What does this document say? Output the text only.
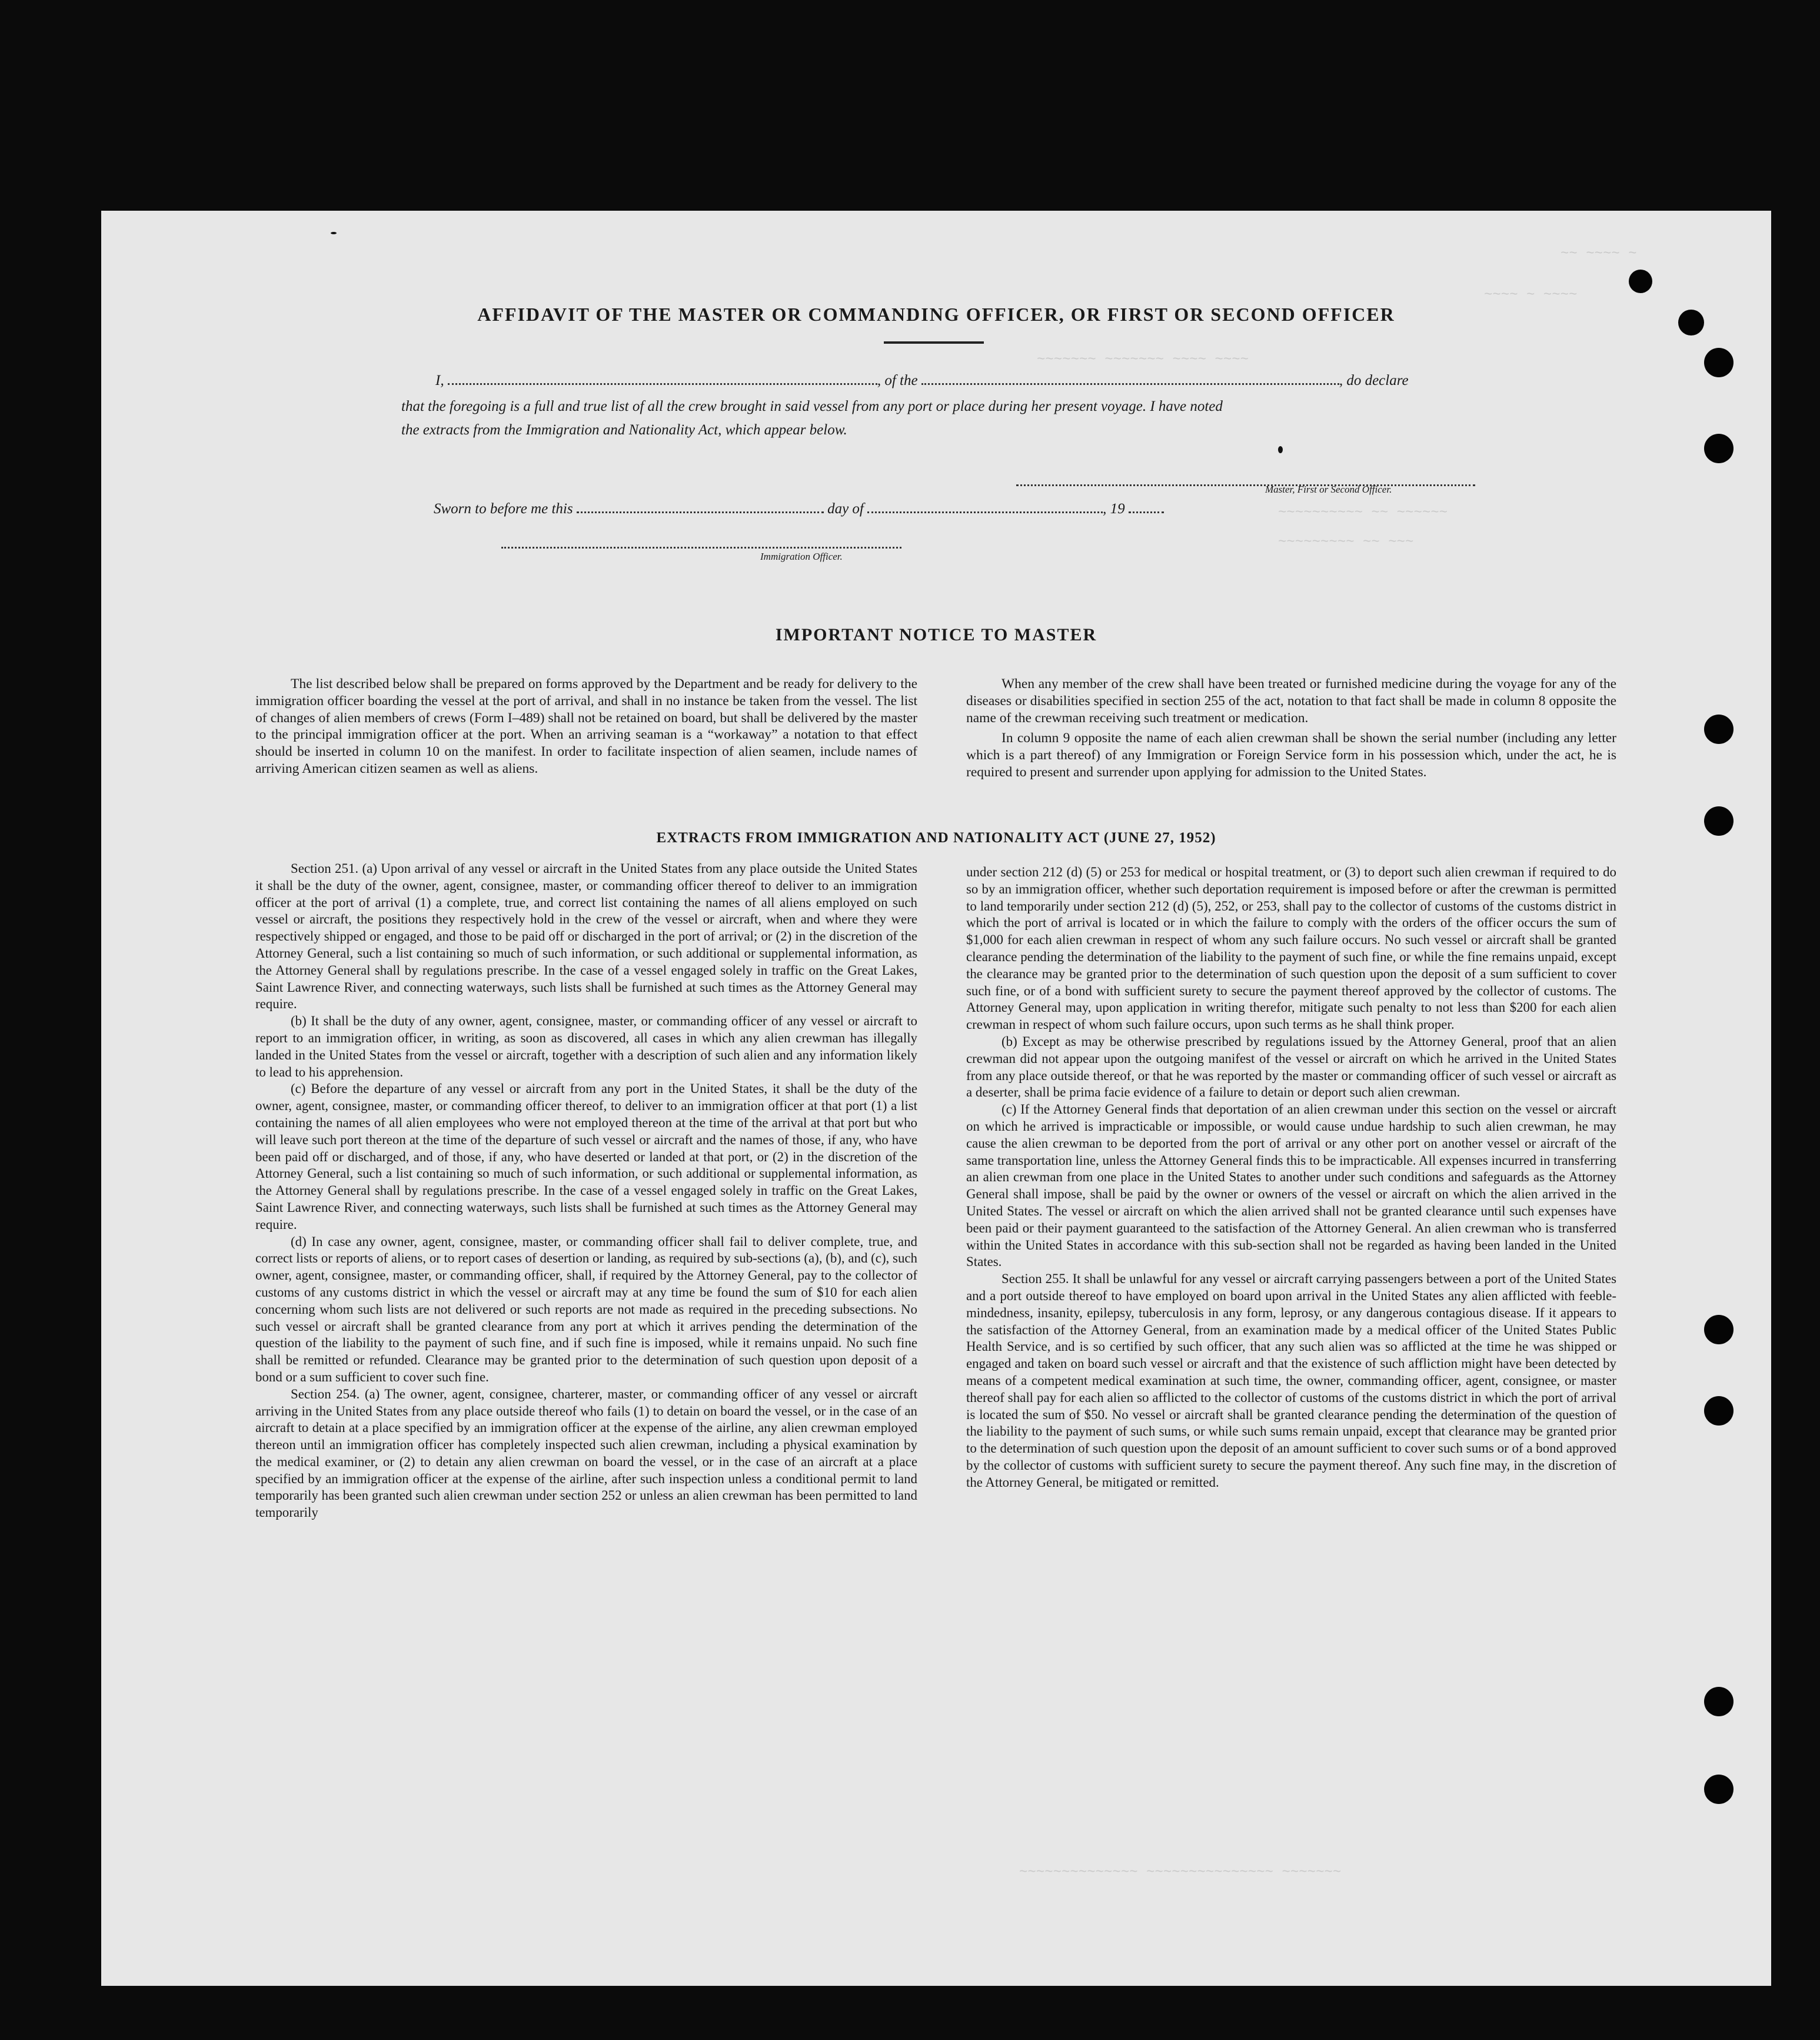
~~ ~~~~ ~
~~~~ ~ ~~~~
~~~~~~~ ~~~~~~~ ~~~~ ~~~~
~~~~~~~~~~ ~~ ~~~~~~
~~~~~~~~~ ~~ ~~~
~~~~~~~~~~~~~~ ~~~~~~~~~~~~~~~ ~~~~~~~
AFFIDAVIT OF THE MASTER OR COMMANDING OFFICER, OR FIRST OR SECOND OFFICER
I,	, of the	, do declare
that the foregoing is a full and true list of all the crew brought in said vessel from any port or place during her present voyage. I have noted
the extracts from the Immigration and Nationality Act, which appear below.
Master, First or Second Officer.
Sworn to before me this	day of	, 19
Immigration Officer.
IMPORTANT NOTICE TO MASTER

The list described below shall be prepared on forms approved by the Department and be ready for delivery to the immigration officer boarding the vessel at the port of arrival, and shall in no instance be taken from the vessel. The list of changes of alien members of crews (Form I–489) shall not be retained on board, but shall be delivered by the master to the principal immigration officer at the port. When an arriving seaman is a “workaway” a notation to that effect should be inserted in column 10 on the manifest. In order to facilitate inspection of alien seamen, include names of arriving American citizen seamen as well as aliens.

When any member of the crew shall have been treated or furnished medicine during the voyage for any of the diseases or disabilities specified in section 255 of the act, notation to that fact shall be made in column 8 opposite the name of the crewman receiving such treatment or medication.

In column 9 opposite the name of each alien crewman shall be shown the serial number (including any letter which is a part thereof) of any Immigration or Foreign Service form in his possession which, under the act, he is required to present and surrender upon applying for admission to the United States.

EXTRACTS FROM IMMIGRATION AND NATIONALITY ACT (JUNE 27, 1952)

Section 251. (a) Upon arrival of any vessel or aircraft in the United States from any place outside the United States it shall be the duty of the owner, agent, consignee, master, or commanding officer thereof to deliver to an immigration officer at the port of arrival (1) a complete, true, and correct list containing the names of all aliens employed on such vessel or aircraft, the positions they respectively hold in the crew of the vessel or aircraft, when and where they were respectively shipped or engaged, and those to be paid off or discharged in the port of arrival; or (2) in the discretion of the Attorney General, such a list containing so much of such information, or such additional or supplemental information, as the Attorney General shall by regulations prescribe. In the case of a vessel engaged solely in traffic on the Great Lakes, Saint Lawrence River, and connecting waterways, such lists shall be furnished at such times as the Attorney General may require.

(b) It shall be the duty of any owner, agent, consignee, master, or commanding officer of any vessel or aircraft to report to an immigration officer, in writing, as soon as discovered, all cases in which any alien crewman has illegally landed in the United States from the vessel or aircraft, together with a description of such alien and any information likely to lead to his apprehension.

(c) Before the departure of any vessel or aircraft from any port in the United States, it shall be the duty of the owner, agent, consignee, master, or commanding officer thereof, to deliver to an immigration officer at that port (1) a list containing the names of all alien employees who were not employed thereon at the time of the arrival at that port but who will leave such port thereon at the time of the departure of such vessel or aircraft and the names of those, if any, who have been paid off or discharged, and of those, if any, who have deserted or landed at that port, or (2) in the discretion of the Attorney General, such a list containing so much of such information, or such additional or supplemental information, as the Attorney General shall by regulations prescribe. In the case of a vessel engaged solely in traffic on the Great Lakes, Saint Lawrence River, and connecting waterways, such lists shall be furnished at such times as the Attorney General may require.

(d) In case any owner, agent, consignee, master, or commanding officer shall fail to deliver complete, true, and correct lists or reports of aliens, or to report cases of desertion or landing, as required by sub-sections (a), (b), and (c), such owner, agent, consignee, master, or commanding officer, shall, if required by the Attorney General, pay to the collector of customs of any customs district in which the vessel or aircraft may at any time be found the sum of $10 for each alien concerning whom such lists are not delivered or such reports are not made as required in the preceding subsections. No such vessel or aircraft shall be granted clearance from any port at which it arrives pending the determination of the question of the liability to the payment of such fine, and if such fine is imposed, while it remains unpaid. No such fine shall be remitted or refunded. Clearance may be granted prior to the determination of such question upon deposit of a bond or a sum sufficient to cover such fine.

Section 254. (a) The owner, agent, consignee, charterer, master, or commanding officer of any vessel or aircraft arriving in the United States from any place outside thereof who fails (1) to detain on board the vessel, or in the case of an aircraft to detain at a place specified by an immigration officer at the expense of the airline, any alien crewman employed thereon until an immigration officer has completely inspected such alien crewman, including a physical examination by the medical examiner, or (2) to detain any alien crewman on board the vessel, or in the case of an aircraft at a place specified by an immigration officer at the expense of the airline, after such inspection unless a conditional permit to land temporarily has been granted such alien crewman under section 252 or unless an alien crewman has been permitted to land temporarily

under section 212 (d) (5) or 253 for medical or hospital treatment, or (3) to deport such alien crewman if required to do so by an immigration officer, whether such deportation requirement is imposed before or after the crewman is permitted to land temporarily under section 212 (d) (5), 252, or 253, shall pay to the collector of customs of the customs district in which the port of arrival is located or in which the failure to comply with the orders of the officer occurs the sum of $1,000 for each alien crewman in respect of whom any such failure occurs. No such vessel or aircraft shall be granted clearance pending the determination of the liability to the payment of such fine, or while the fine remains unpaid, except the clearance may be granted prior to the determination of such question upon the deposit of a sum sufficient to cover such fine, or of a bond with sufficient surety to secure the payment thereof approved by the collector of customs. The Attorney General may, upon application in writing therefor, mitigate such penalty to not less than $200 for each alien crewman in respect of whom such failure occurs, upon such terms as he shall think proper.

(b) Except as may be otherwise prescribed by regulations issued by the Attorney General, proof that an alien crewman did not appear upon the outgoing manifest of the vessel or aircraft on which he arrived in the United States from any place outside thereof, or that he was reported by the master or commanding officer of such vessel or aircraft as a deserter, shall be prima facie evidence of a failure to detain or deport such alien crewman.

(c) If the Attorney General finds that deportation of an alien crewman under this section on the vessel or aircraft on which he arrived is impracticable or impossible, or would cause undue hardship to such alien crewman, he may cause the alien crewman to be deported from the port of arrival or any other port on another vessel or aircraft of the same transportation line, unless the Attorney General finds this to be impracticable. All expenses incurred in transferring an alien crewman from one place in the United States to another under such conditions and safeguards as the Attorney General shall impose, shall be paid by the owner or owners of the vessel or aircraft on which the alien arrived in the United States. The vessel or aircraft on which the alien arrived shall not be granted clearance until such expenses have been paid or their payment guaranteed to the satisfaction of the Attorney General. An alien crewman who is transferred within the United States in accordance with this sub-section shall not be regarded as having been landed in the United States.

Section 255. It shall be unlawful for any vessel or aircraft carrying passengers between a port of the United States and a port outside thereof to have employed on board upon arrival in the United States any alien afflicted with feeble-mindedness, insanity, epilepsy, tuberculosis in any form, leprosy, or any dangerous contagious disease. If it appears to the satisfaction of the Attorney General, from an examination made by a medical officer of the United States Public Health Service, and is so certified by such officer, that any such alien was so afflicted at the time he was shipped or engaged and taken on board such vessel or aircraft and that the existence of such affliction might have been detected by means of a competent medical examination at such time, the owner, commanding officer, agent, consignee, or master thereof shall pay for each alien so afflicted to the collector of customs of the customs district in which the port of arrival is located the sum of $50. No vessel or aircraft shall be granted clearance pending the determination of the question of the liability to the payment of such sums, or while such sums remain unpaid, except that clearance may be granted prior to the determination of such question upon the deposit of an amount sufficient to cover such sums or of a bond approved by the collector of customs with sufficient surety to secure the payment thereof. Any such fine may, in the discretion of the Attorney General, be mitigated or remitted.
